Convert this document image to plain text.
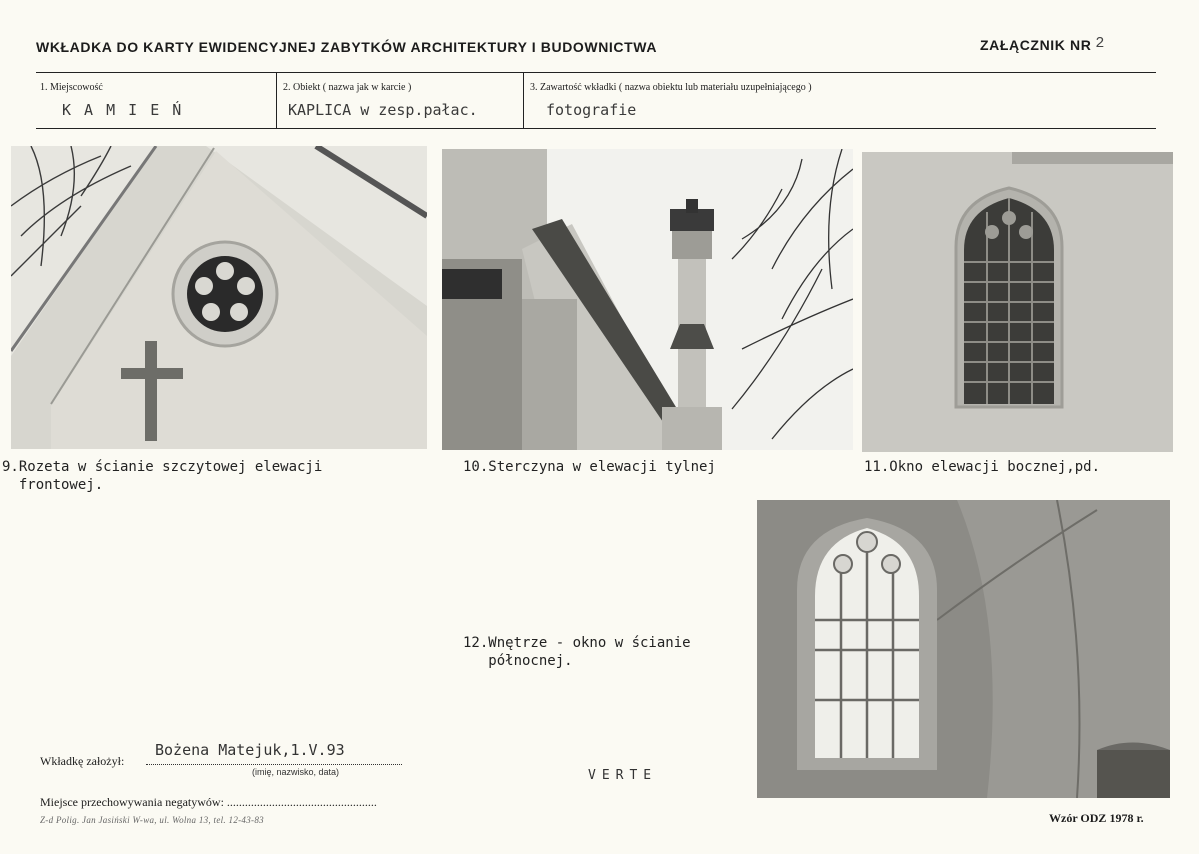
WKŁADKA DO KARTY EWIDENCYJNEJ ZABYTKÓW ARCHITEKTURY I BUDOWNICTWA	ZAŁĄCZNIK NR 2
1. Miejscowość
K A M I E Ń
2. Obiekt ( nazwa jak w karcie )
KAPLICA w zesp.pałac.
3. Zawartość wkładki ( nazwa obiektu lub materiału uzupełniającego )
fotografie
9.Rozeta w ścianie szczytowej elewacji
frontowej.
10.Sterczyna w elewacji tylnej	11.Okno elewacji bocznej,pd.
12.Wnętrze - okno w ścianie
północnej.
Wkładkę założył:
Bożena Matejuk,1.V.93
(imię, nazwisko, data)	VERTE
Miejsce przechowywania negatywów: ..................................................
Z-d Polig. Jan Jasiński W-wa, ul. Wolna 13, tel. 12-43-83	Wzór ODZ 1978 r.
